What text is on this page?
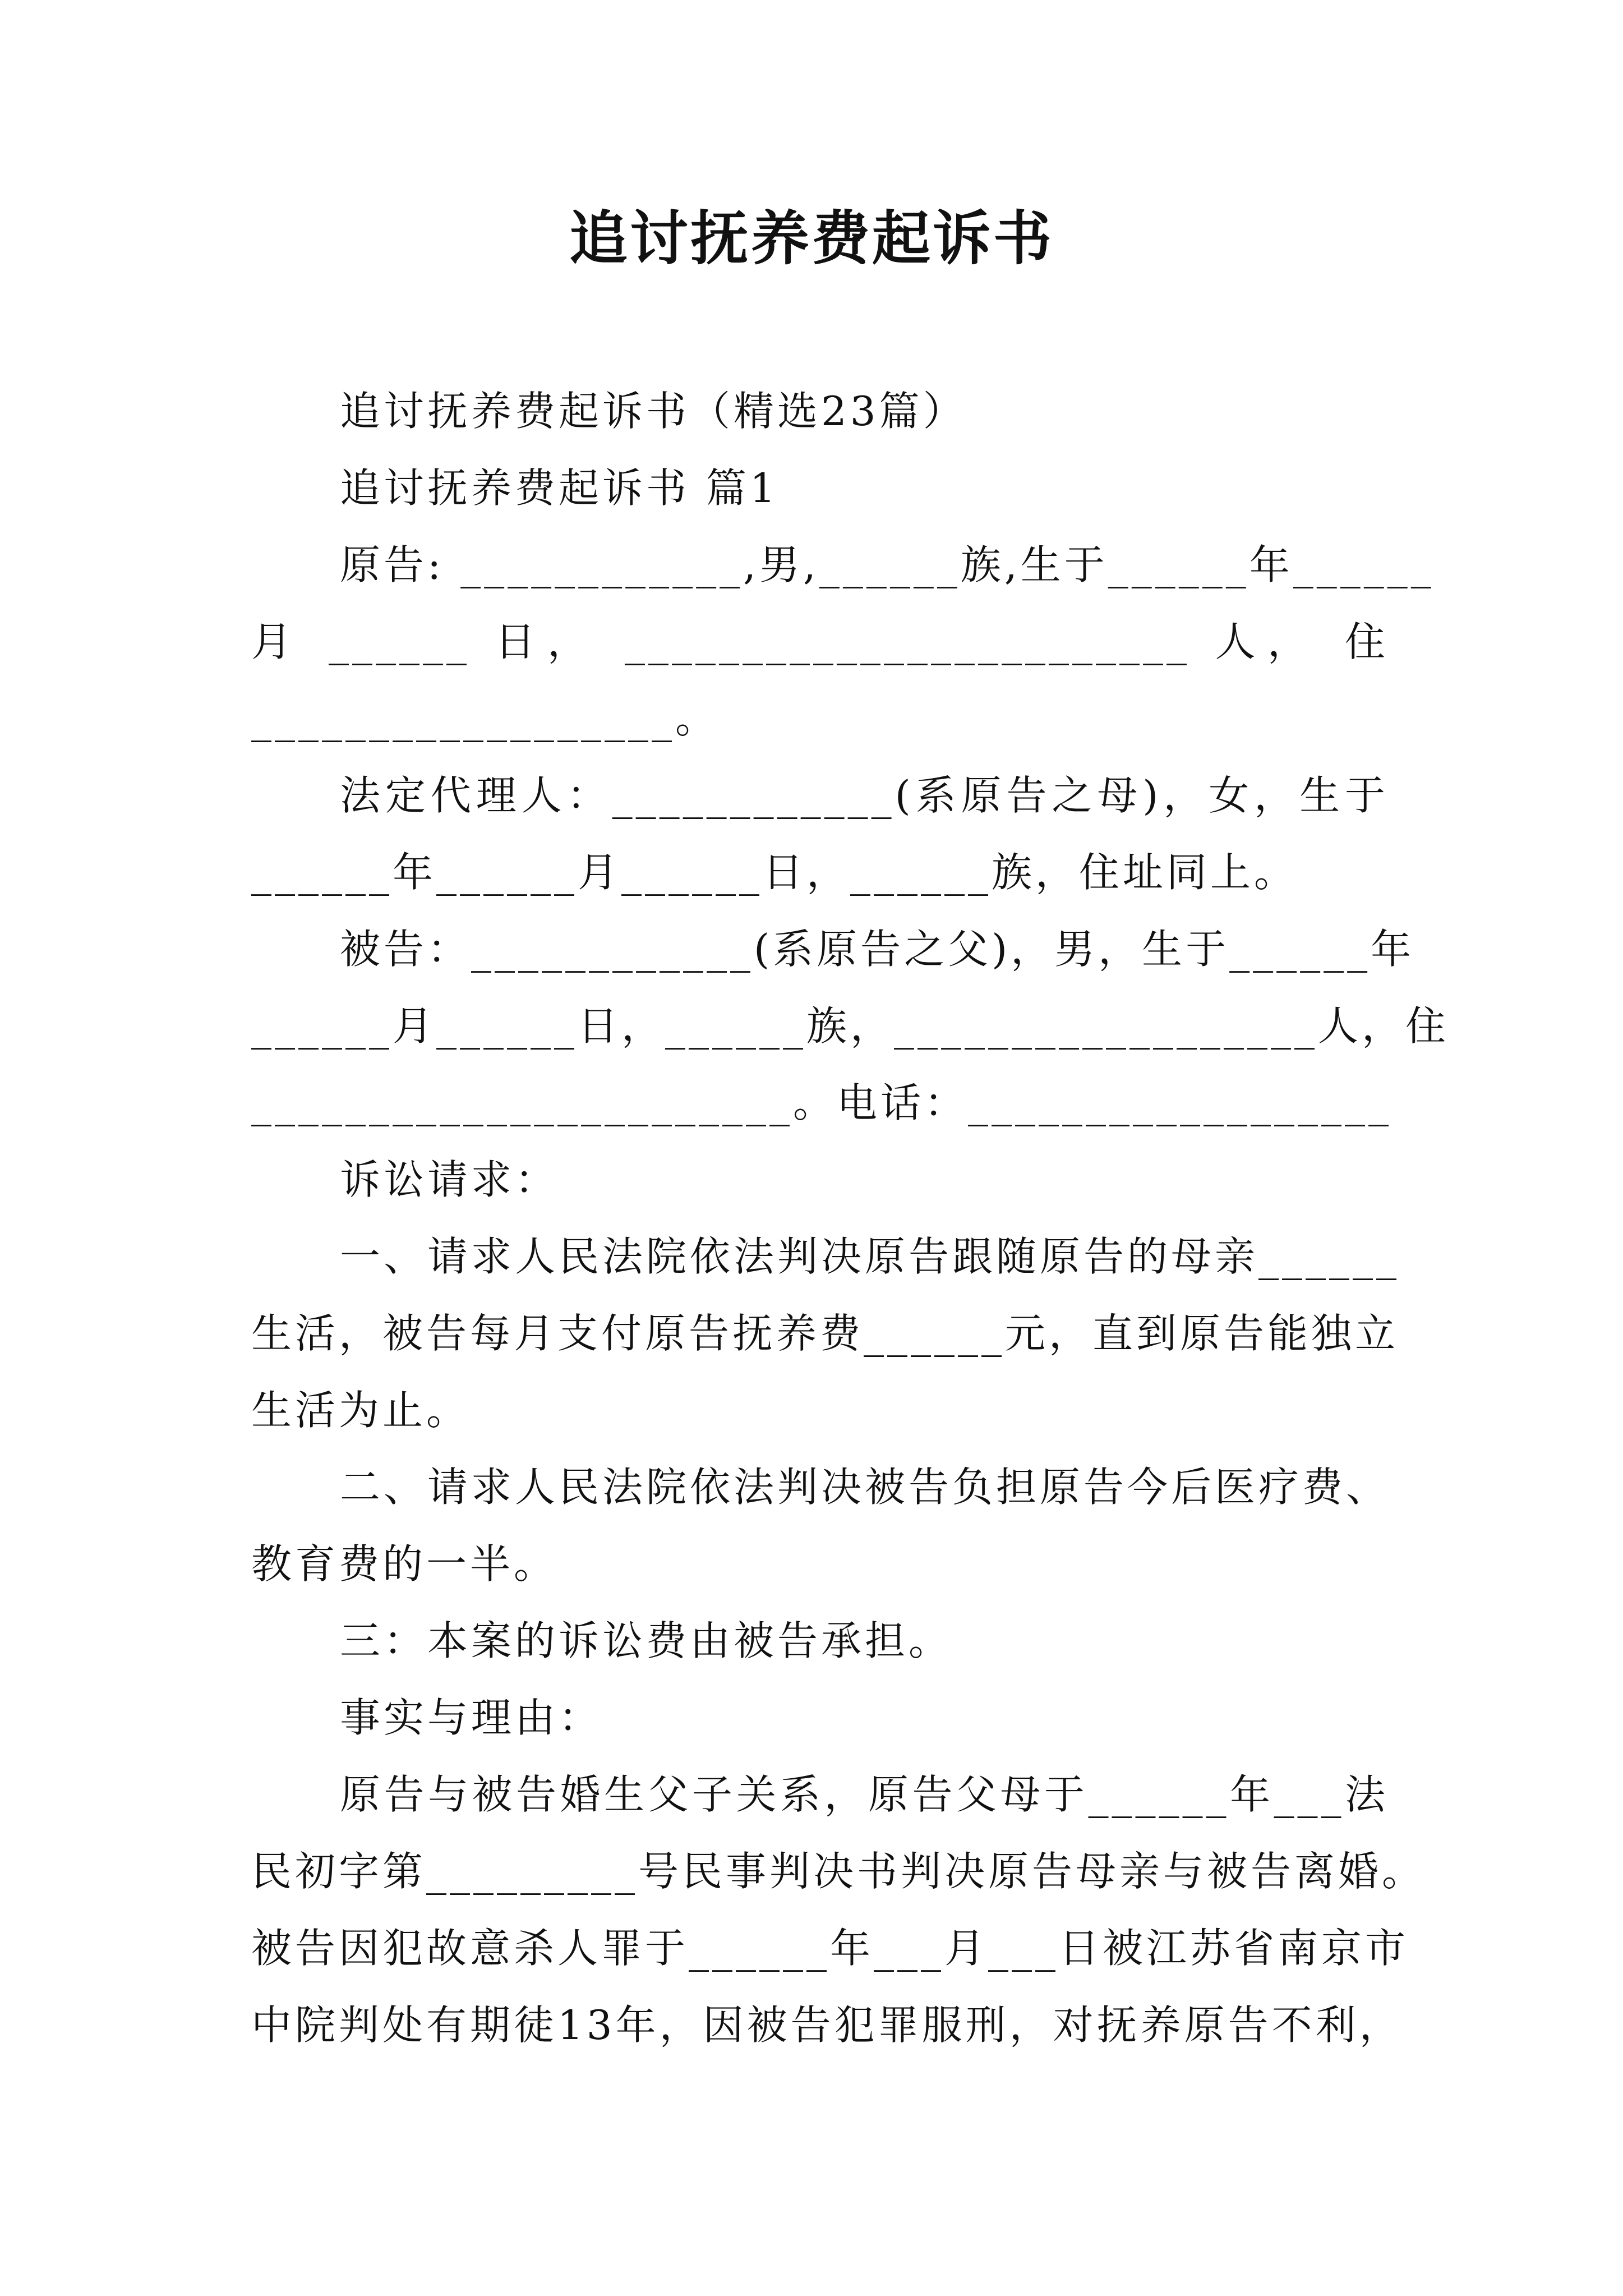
追讨抚养费起诉书
追讨抚养费起诉书（精选23篇）
追讨抚养费起诉书 篇1
原告: ____________,男,______族,生于______年______
月 ______ 日， ________________________ 人， 住
__________________。
法定代理人：____________(系原告之母)，女，生于
______年______月______日，______族，住址同上。
被告：____________(系原告之父)，男，生于______年
______月______日，______族，__________________人，住
_______________________。电话：__________________
诉讼请求：
一、请求人民法院依法判决原告跟随原告的母亲______
生活，被告每月支付原告抚养费______元，直到原告能独立
生活为止。
二、请求人民法院依法判决被告负担原告今后医疗费、
教育费的一半。
三：本案的诉讼费由被告承担。
事实与理由：
原告与被告婚生父子关系，原告父母于______年___法
民初字第_________号民事判决书判决原告母亲与被告离婚。
被告因犯故意杀人罪于______年___月___日被江苏省南京市
中院判处有期徒13年，因被告犯罪服刑，对抚养原告不利，
